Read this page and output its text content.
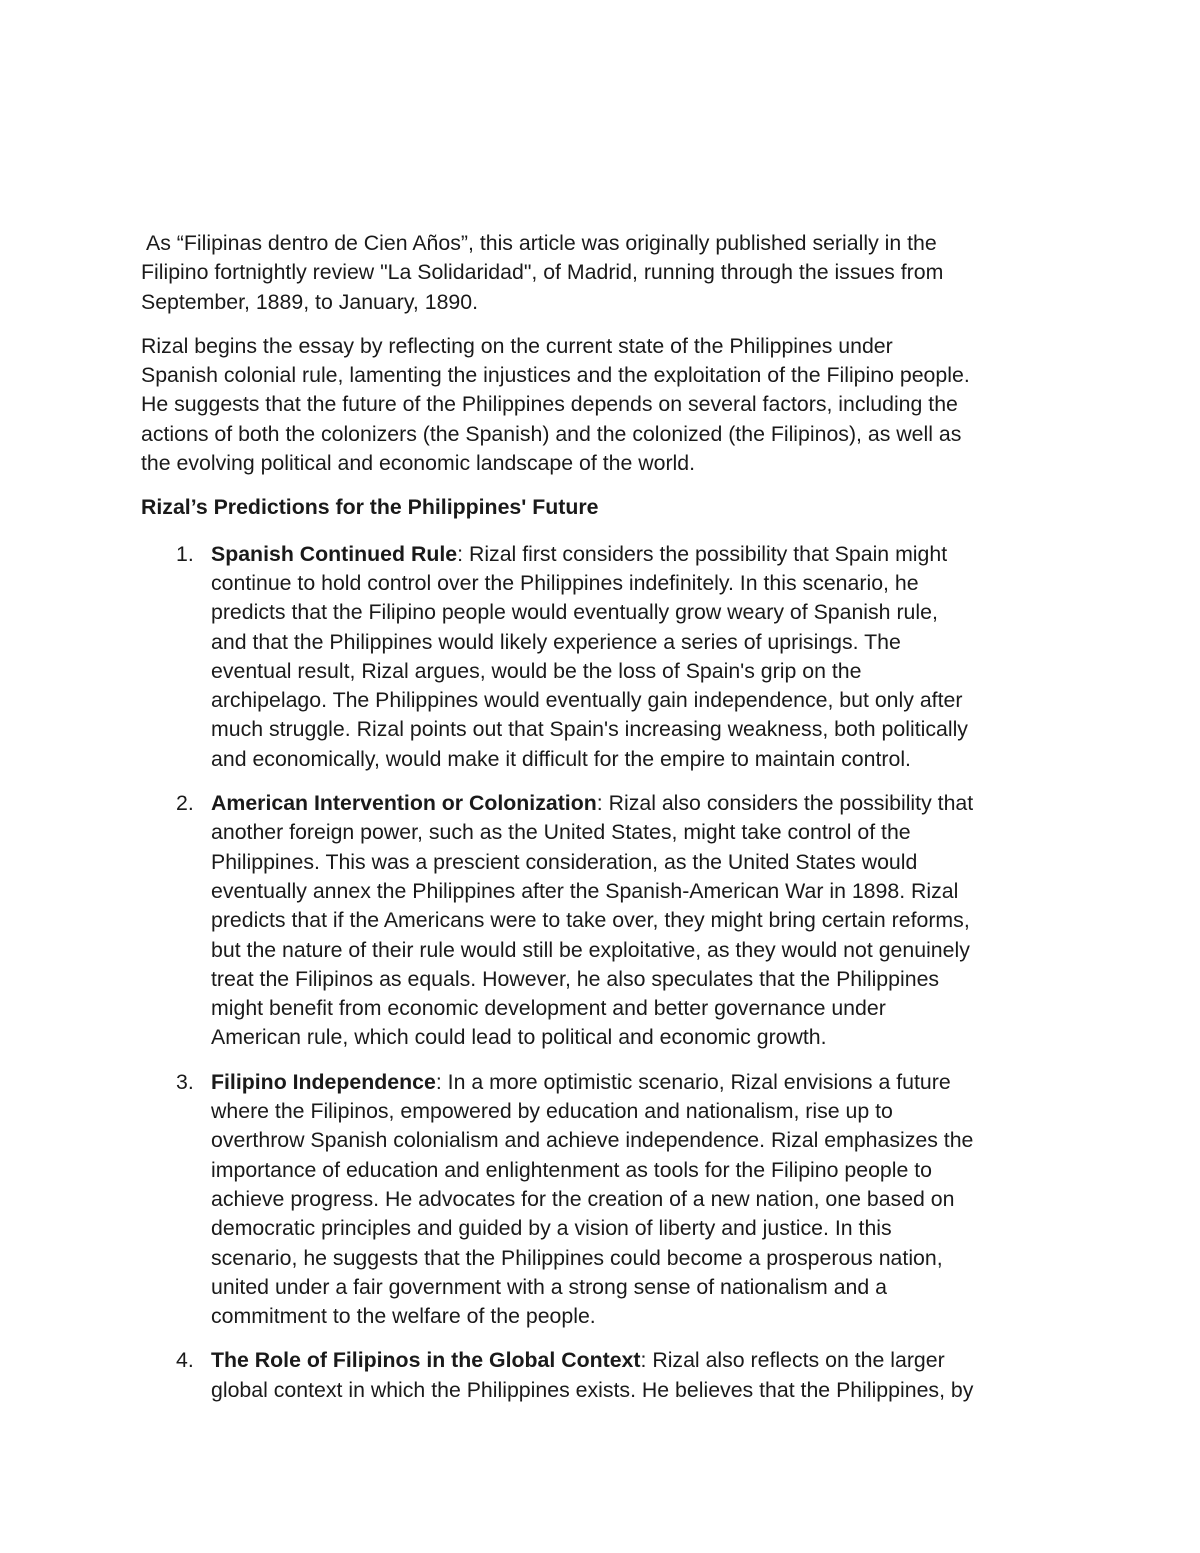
As “Filipinas dentro de Cien Años”, this article was originally published serially in the
Filipino fortnightly review "La Solidaridad", of Madrid, running through the issues from
September, 1889, to January, 1890.

Rizal begins the essay by reflecting on the current state of the Philippines under
Spanish colonial rule, lamenting the injustices and the exploitation of the Filipino people.
He suggests that the future of the Philippines depends on several factors, including the
actions of both the colonizers (the Spanish) and the colonized (the Filipinos), as well as
the evolving political and economic landscape of the world.

Rizal’s Predictions for the Philippines' Future
1. Spanish Continued Rule: Rizal first considers the possibility that Spain might
continue to hold control over the Philippines indefinitely. In this scenario, he
predicts that the Filipino people would eventually grow weary of Spanish rule,
and that the Philippines would likely experience a series of uprisings. The
eventual result, Rizal argues, would be the loss of Spain's grip on the
archipelago. The Philippines would eventually gain independence, but only after
much struggle. Rizal points out that Spain's increasing weakness, both politically
and economically, would make it difficult for the empire to maintain control.
2. American Intervention or Colonization: Rizal also considers the possibility that
another foreign power, such as the United States, might take control of the
Philippines. This was a prescient consideration, as the United States would
eventually annex the Philippines after the Spanish-American War in 1898. Rizal
predicts that if the Americans were to take over, they might bring certain reforms,
but the nature of their rule would still be exploitative, as they would not genuinely
treat the Filipinos as equals. However, he also speculates that the Philippines
might benefit from economic development and better governance under
American rule, which could lead to political and economic growth.
3. Filipino Independence: In a more optimistic scenario, Rizal envisions a future
where the Filipinos, empowered by education and nationalism, rise up to
overthrow Spanish colonialism and achieve independence. Rizal emphasizes the
importance of education and enlightenment as tools for the Filipino people to
achieve progress. He advocates for the creation of a new nation, one based on
democratic principles and guided by a vision of liberty and justice. In this
scenario, he suggests that the Philippines could become a prosperous nation,
united under a fair government with a strong sense of nationalism and a
commitment to the welfare of the people.
4. The Role of Filipinos in the Global Context: Rizal also reflects on the larger
global context in which the Philippines exists. He believes that the Philippines, by
